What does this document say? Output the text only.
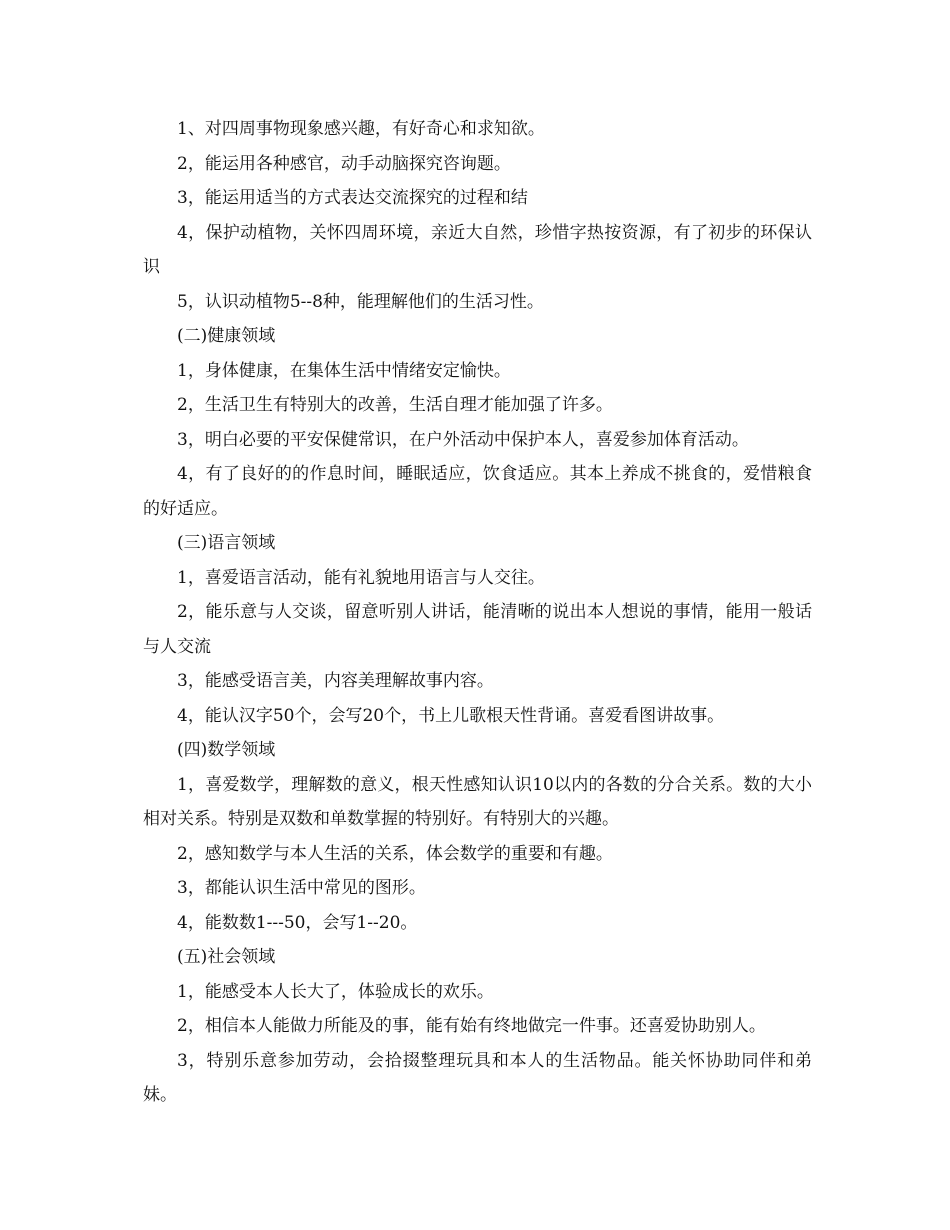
1、对四周事物现象感兴趣，有好奇心和求知欲。

2，能运用各种感官，动手动脑探究咨询题。

3，能运用适当的方式表达交流探究的过程和结

4，保护动植物，关怀四周环境，亲近大自然，珍惜字热按资源，有了初步的环保认识

5，认识动植物5--8种，能理解他们的生活习性。

(二)健康领域

1，身体健康，在集体生活中情绪安定愉快。

2，生活卫生有特别大的改善，生活自理才能加强了许多。

3，明白必要的平安保健常识，在户外活动中保护本人，喜爱参加体育活动。

4，有了良好的的作息时间，睡眠适应，饮食适应。其本上养成不挑食的，爱惜粮食的好适应。

(三)语言领域

1，喜爱语言活动，能有礼貌地用语言与人交往。

2，能乐意与人交谈，留意听别人讲话，能清晰的说出本人想说的事情，能用一般话与人交流

3，能感受语言美，内容美理解故事内容。

4，能认汉字50个，会写20个，书上儿歌根天性背诵。喜爱看图讲故事。

(四)数学领域

1，喜爱数学，理解数的意义，根天性感知认识10以内的各数的分合关系。数的大小相对关系。特别是双数和单数掌握的特别好。有特别大的兴趣。

2，感知数学与本人生活的关系，体会数学的重要和有趣。

3，都能认识生活中常见的图形。

4，能数数1---50，会写1--20。

(五)社会领域

1，能感受本人长大了，体验成长的欢乐。

2，相信本人能做力所能及的事，能有始有终地做完一件事。还喜爱协助别人。

3，特别乐意参加劳动，会拾掇整理玩具和本人的生活物品。能关怀协助同伴和弟妹。
